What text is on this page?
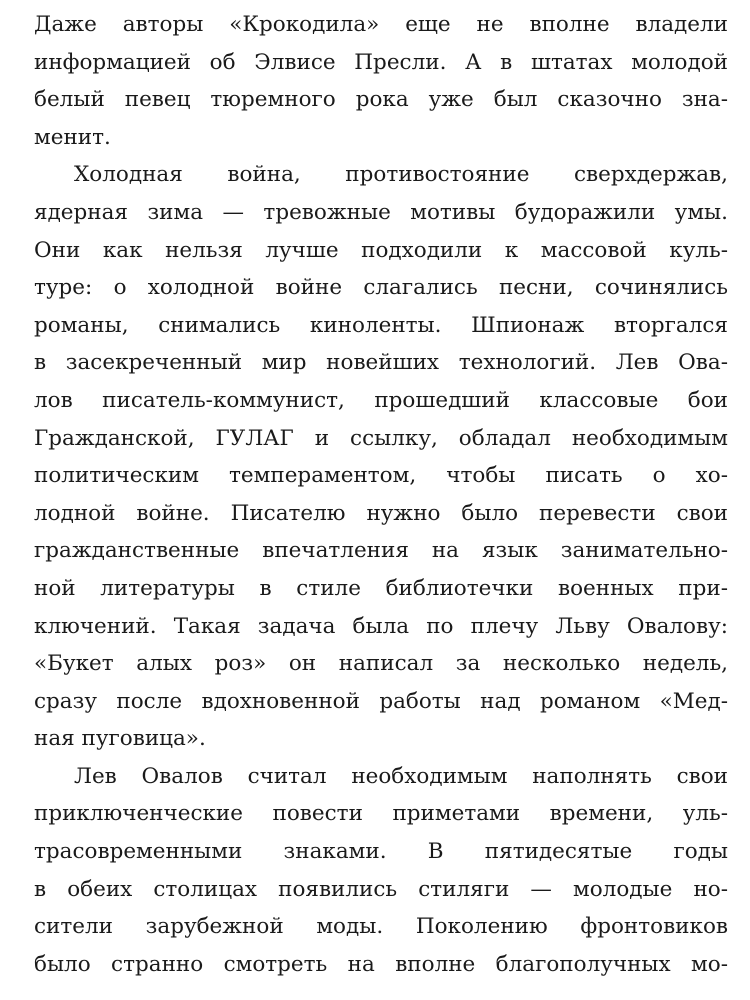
Даже авторы «Крокодила» еще не вполне владели
информацией об Элвисе Пресли. А в штатах молодой
белый певец тюремного рока уже был сказочно зна-
менит.
Холодная война, противостояние сверхдержав,
ядерная зима — тревожные мотивы будоражили умы.
Они как нельзя лучше подходили к массовой куль-
туре: о холодной войне слагались песни, сочинялись
романы, снимались киноленты. Шпионаж вторгался
в засекреченный мир новейших технологий. Лев Ова-
лов писатель-коммунист, прошедший классовые бои
Гражданской, ГУЛАГ и ссылку, обладал необходимым
политическим темпераментом, чтобы писать о хо-
лодной войне. Писателю нужно было перевести свои
гражданственные впечатления на язык занимательно-
ной литературы в стиле библиотечки военных при-
ключений. Такая задача была по плечу Льву Овалову:
«Букет алых роз» он написал за несколько недель,
сразу после вдохновенной работы над романом «Мед-
ная пуговица».
Лев Овалов считал необходимым наполнять свои
приключенческие повести приметами времени, уль-
трасовременными знаками. В пятидесятые годы
в обеих столицах появились стиляги — молодые но-
сители зарубежной моды. Поколению фронтовиков
было странно смотреть на вполне благополучных мо-
